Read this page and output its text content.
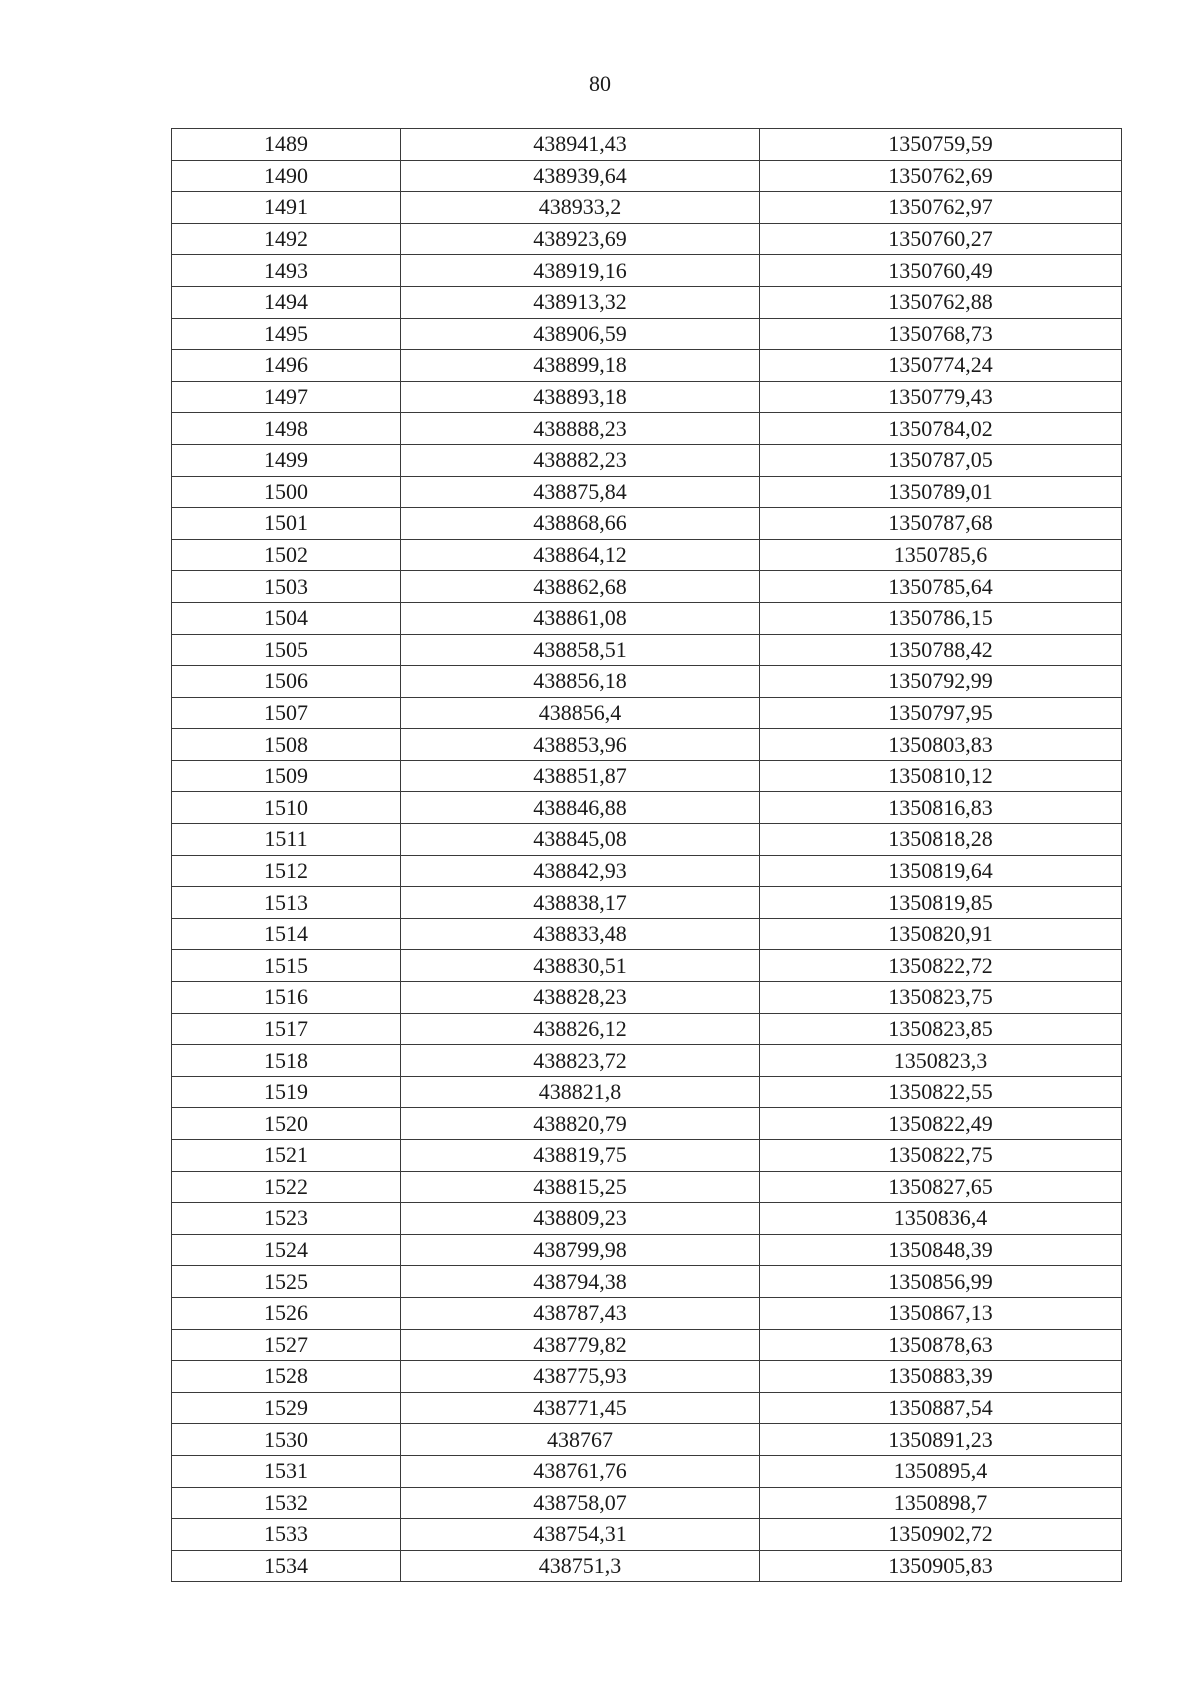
80
1489	438941,43	1350759,59
1490	438939,64	1350762,69
1491	438933,2	1350762,97
1492	438923,69	1350760,27
1493	438919,16	1350760,49
1494	438913,32	1350762,88
1495	438906,59	1350768,73
1496	438899,18	1350774,24
1497	438893,18	1350779,43
1498	438888,23	1350784,02
1499	438882,23	1350787,05
1500	438875,84	1350789,01
1501	438868,66	1350787,68
1502	438864,12	1350785,6
1503	438862,68	1350785,64
1504	438861,08	1350786,15
1505	438858,51	1350788,42
1506	438856,18	1350792,99
1507	438856,4	1350797,95
1508	438853,96	1350803,83
1509	438851,87	1350810,12
1510	438846,88	1350816,83
1511	438845,08	1350818,28
1512	438842,93	1350819,64
1513	438838,17	1350819,85
1514	438833,48	1350820,91
1515	438830,51	1350822,72
1516	438828,23	1350823,75
1517	438826,12	1350823,85
1518	438823,72	1350823,3
1519	438821,8	1350822,55
1520	438820,79	1350822,49
1521	438819,75	1350822,75
1522	438815,25	1350827,65
1523	438809,23	1350836,4
1524	438799,98	1350848,39
1525	438794,38	1350856,99
1526	438787,43	1350867,13
1527	438779,82	1350878,63
1528	438775,93	1350883,39
1529	438771,45	1350887,54
1530	438767	1350891,23
1531	438761,76	1350895,4
1532	438758,07	1350898,7
1533	438754,31	1350902,72
1534	438751,3	1350905,83
